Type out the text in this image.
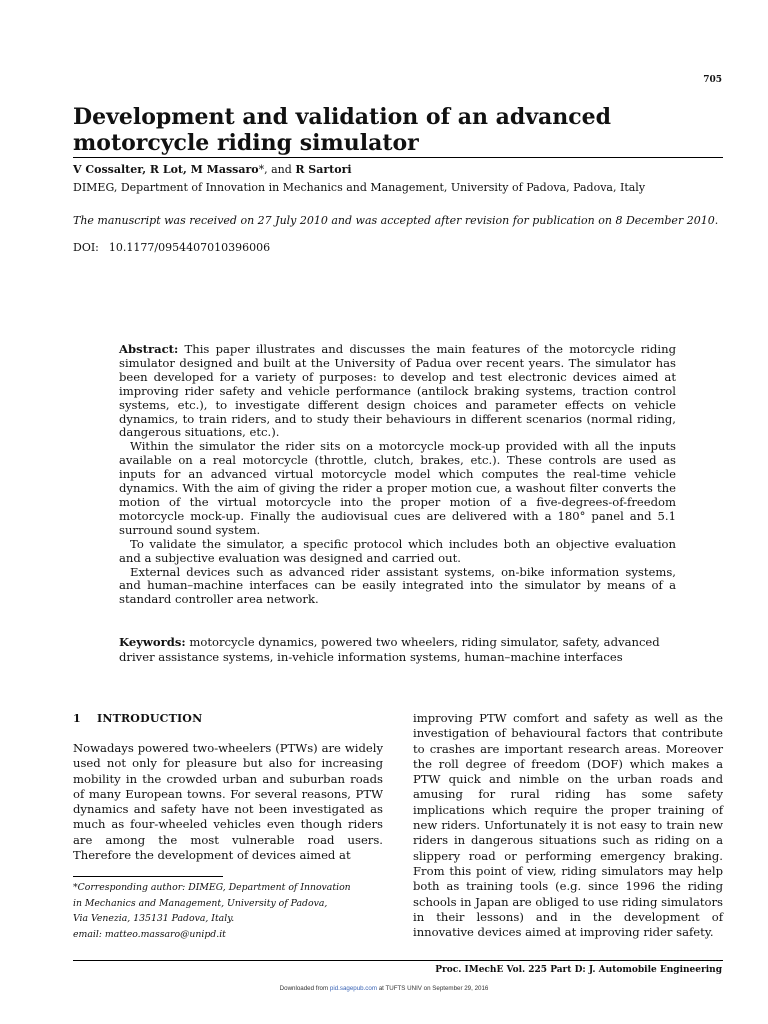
705
Development and validation of an advanced motorcycle riding simulator
V Cossalter, R Lot, M Massaro*, and R Sartori
DIMEG, Department of Innovation in Mechanics and Management, University of Padova, Padova, Italy
The manuscript was received on 27 July 2010 and was accepted after revision for publication on 8 December 2010.
DOI: 10.1177/0954407010396006

Abstract: This paper illustrates and discusses the main features of the motorcycle riding simulator designed and built at the University of Padua over recent years. The simulator has been developed for a variety of purposes: to develop and test electronic devices aimed at improving rider safety and vehicle performance (antilock braking systems, traction control systems, etc.), to investigate different design choices and parameter effects on vehicle dynamics, to train riders, and to study their behaviours in different scenarios (normal riding, dangerous situations, etc.).

Within the simulator the rider sits on a motorcycle mock-up provided with all the inputs available on a real motorcycle (throttle, clutch, brakes, etc.). These controls are used as inputs for an advanced virtual motorcycle model which computes the real-time vehicle dynamics. With the aim of giving the rider a proper motion cue, a washout filter converts the motion of the virtual motorcycle into the proper motion of a five-degrees-of-freedom motorcycle mock-up. Finally the audiovisual cues are delivered with a 180° panel and 5.1 surround sound system.

To validate the simulator, a specific protocol which includes both an objective evaluation and a subjective evaluation was designed and carried out.

External devices such as advanced rider assistant systems, on-bike information systems, and human–machine interfaces can be easily integrated into the simulator by means of a standard controller area network.

Keywords: motorcycle dynamics, powered two wheelers, riding simulator, safety, advanced driver assistance systems, in-vehicle information systems, human–machine interfaces
1    INTRODUCTION
Nowadays powered two-wheelers (PTWs) are widely used not only for pleasure but also for increasing mobility in the crowded urban and suburban roads of many European towns. For several reasons, PTW dynamics and safety have not been investigated as much as four-wheeled vehicles even though riders are among the most vulnerable road users. Therefore the development of devices aimed at
*Corresponding author: DIMEG, Department of Innovation
in Mechanics and Management, University of Padova,
Via Venezia, 135131 Padova, Italy.
email: matteo.massaro@unipd.it
improving PTW comfort and safety as well as the investigation of behavioural factors that contribute to crashes are important research areas. Moreover the roll degree of freedom (DOF) which makes a PTW quick and nimble on the urban roads and amusing for rural riding has some safety implications which require the proper training of new riders. Unfortunately it is not easy to train new riders in dangerous situations such as riding on a slippery road or performing emergency braking. From this point of view, riding simulators may help both as training tools (e.g. since 1996 the riding schools in Japan are obliged to use riding simulators in their lessons) and in the development of innovative devices aimed at improving rider safety.
Proc. IMechE Vol. 225 Part D: J. Automobile Engineering
Downloaded from pid.sagepub.com at TUFTS UNIV on September 29, 2016
